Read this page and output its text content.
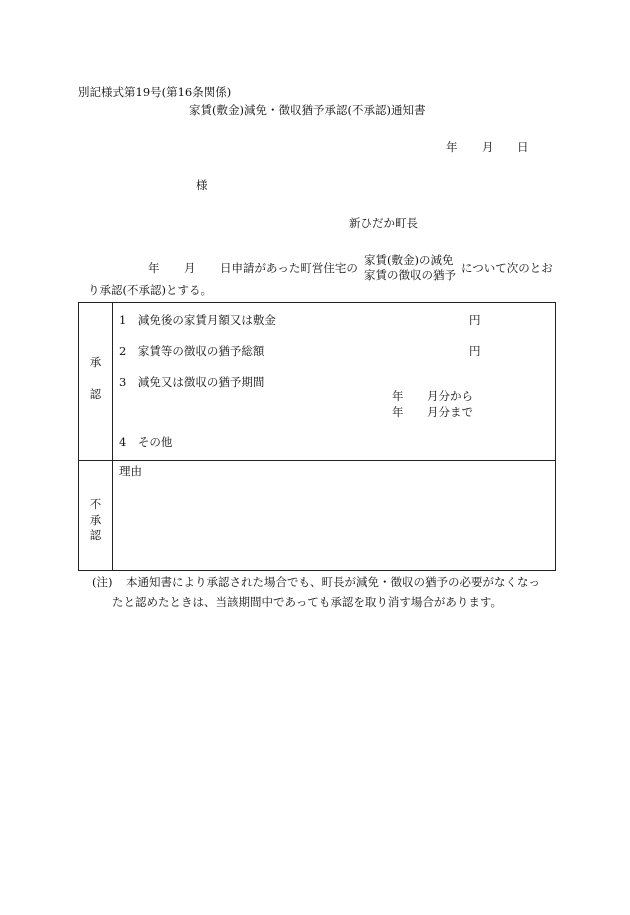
別記様式第19号(第16条関係)
家賃(敷金)減免・徴収猶予承認(不承認)通知書
年 月 日
様
新ひだか町長
年 月 日申請があった町営住宅の
家賃(敷金)の減免
家賃の徴収の猶予 について次のとお
り承認(不承認)とする。
承
認
1　減免後の家賃月額又は敷金	円
2　家賃等の徴収の猶予総額	円
3　減免又は徴収の猶予期間
年 月分から
年 月分まで
4　その他
不
承
認
理由
(注) 本通知書により承認された場合でも、町長が減免・徴収の猶予の必要がなくなっ
たと認めたときは、当該期間中であっても承認を取り消す場合があります。
